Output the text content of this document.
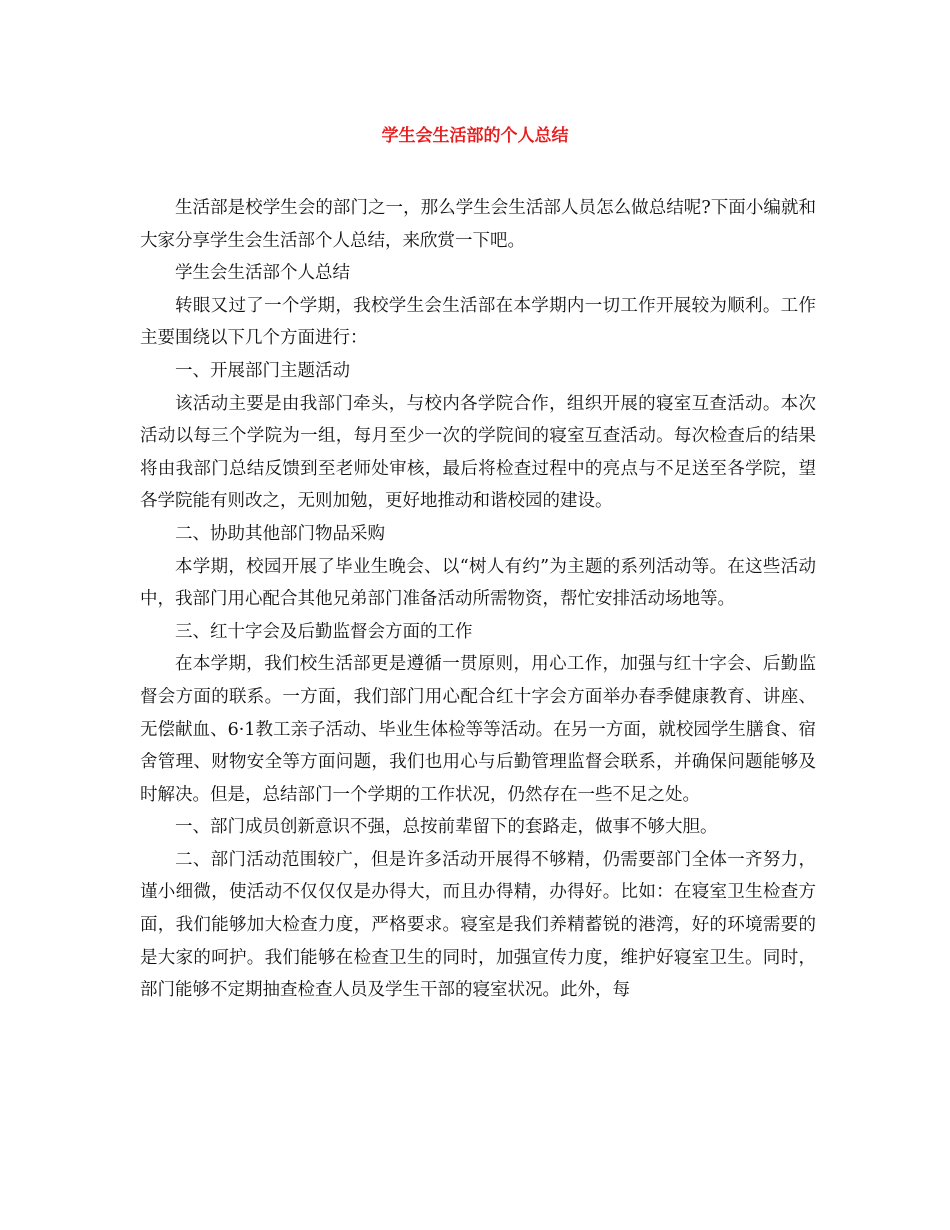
学生会生活部的个人总结

生活部是校学生会的部门之一，那么学生会生活部人员怎么做总结呢?下面小编就和大家分享学生会生活部个人总结，来欣赏一下吧。

学生会生活部个人总结

转眼又过了一个学期，我校学生会生活部在本学期内一切工作开展较为顺利。工作主要围绕以下几个方面进行：

一、开展部门主题活动

该活动主要是由我部门牵头，与校内各学院合作，组织开展的寝室互查活动。本次活动以每三个学院为一组，每月至少一次的学院间的寝室互查活动。每次检查后的结果将由我部门总结反馈到至老师处审核，最后将检查过程中的亮点与不足送至各学院，望各学院能有则改之，无则加勉，更好地推动和谐校园的建设。

二、协助其他部门物品采购

本学期，校园开展了毕业生晚会、以“树人有约”为主题的系列活动等。在这些活动中，我部门用心配合其他兄弟部门准备活动所需物资，帮忙安排活动场地等。

三、红十字会及后勤监督会方面的工作

在本学期，我们校生活部更是遵循一贯原则，用心工作，加强与红十字会、后勤监督会方面的联系。一方面，我们部门用心配合红十字会方面举办春季健康教育、讲座、无偿献血、6·1教工亲子活动、毕业生体检等等活动。在另一方面，就校园学生膳食、宿舍管理、财物安全等方面问题，我们也用心与后勤管理监督会联系，并确保问题能够及时解决。但是，总结部门一个学期的工作状况，仍然存在一些不足之处。

一、部门成员创新意识不强，总按前辈留下的套路走，做事不够大胆。

二、部门活动范围较广，但是许多活动开展得不够精，仍需要部门全体一齐努力，谨小细微，使活动不仅仅仅是办得大，而且办得精，办得好。比如：在寝室卫生检查方面，我们能够加大检查力度，严格要求。寝室是我们养精蓄锐的港湾，好的环境需要的是大家的呵护。我们能够在检查卫生的同时，加强宣传力度，维护好寝室卫生。同时，部门能够不定期抽查检查人员及学生干部的寝室状况。此外，每
